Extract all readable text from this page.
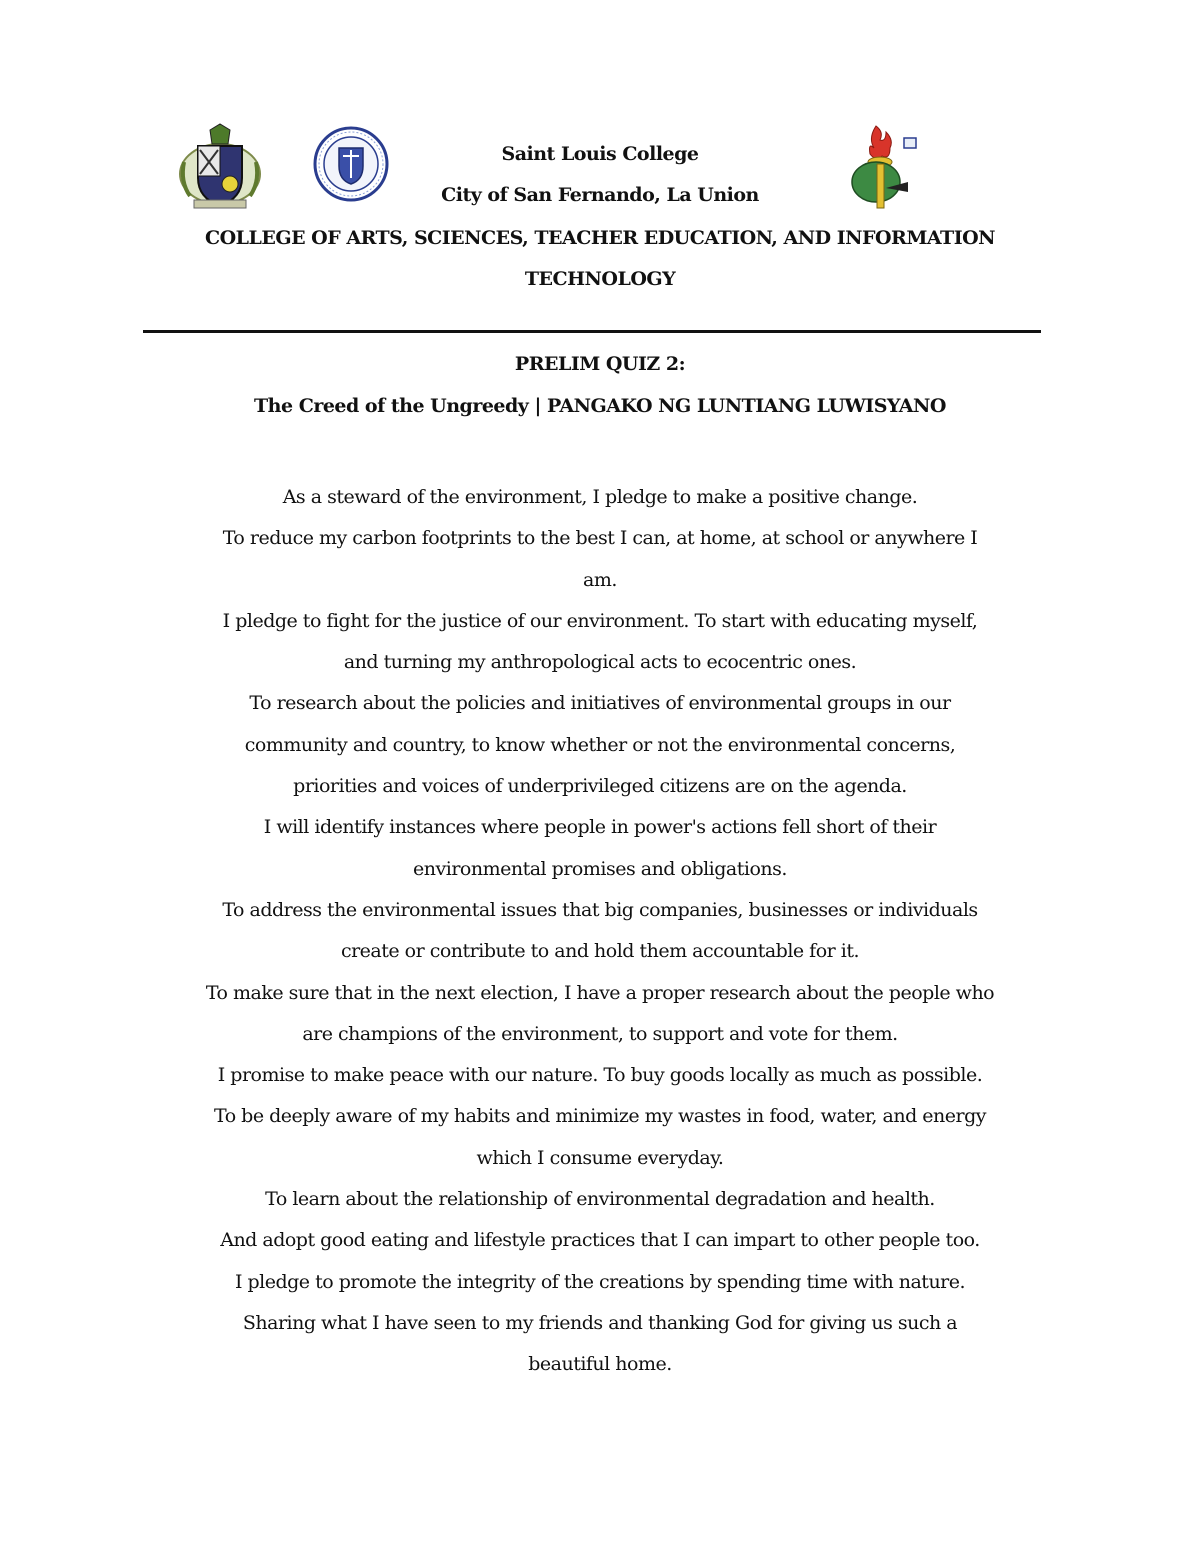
Saint Louis College
City of San Fernando, La Union
COLLEGE OF ARTS, SCIENCES, TEACHER EDUCATION, AND INFORMATION
TECHNOLOGY
PRELIM QUIZ 2:
The Creed of the Ungreedy | PANGAKO NG LUNTIANG LUWISYANO
As a steward of the environment, I pledge to make a positive change.
To reduce my carbon footprints to the best I can, at home, at school or anywhere I
am.
I pledge to fight for the justice of our environment. To start with educating myself,
and turning my anthropological acts to ecocentric ones.
To research about the policies and initiatives of environmental groups in our
community and country, to know whether or not the environmental concerns,
priorities and voices of underprivileged citizens are on the agenda.
I will identify instances where people in power's actions fell short of their
environmental promises and obligations.
To address the environmental issues that big companies, businesses or individuals
create or contribute to and hold them accountable for it.
To make sure that in the next election, I have a proper research about the people who
are champions of the environment, to support and vote for them.
I promise to make peace with our nature. To buy goods locally as much as possible.
To be deeply aware of my habits and minimize my wastes in food, water, and energy
which I consume everyday.
To learn about the relationship of environmental degradation and health.
And adopt good eating and lifestyle practices that I can impart to other people too.
I pledge to promote the integrity of the creations by spending time with nature.
Sharing what I have seen to my friends and thanking God for giving us such a
beautiful home.
